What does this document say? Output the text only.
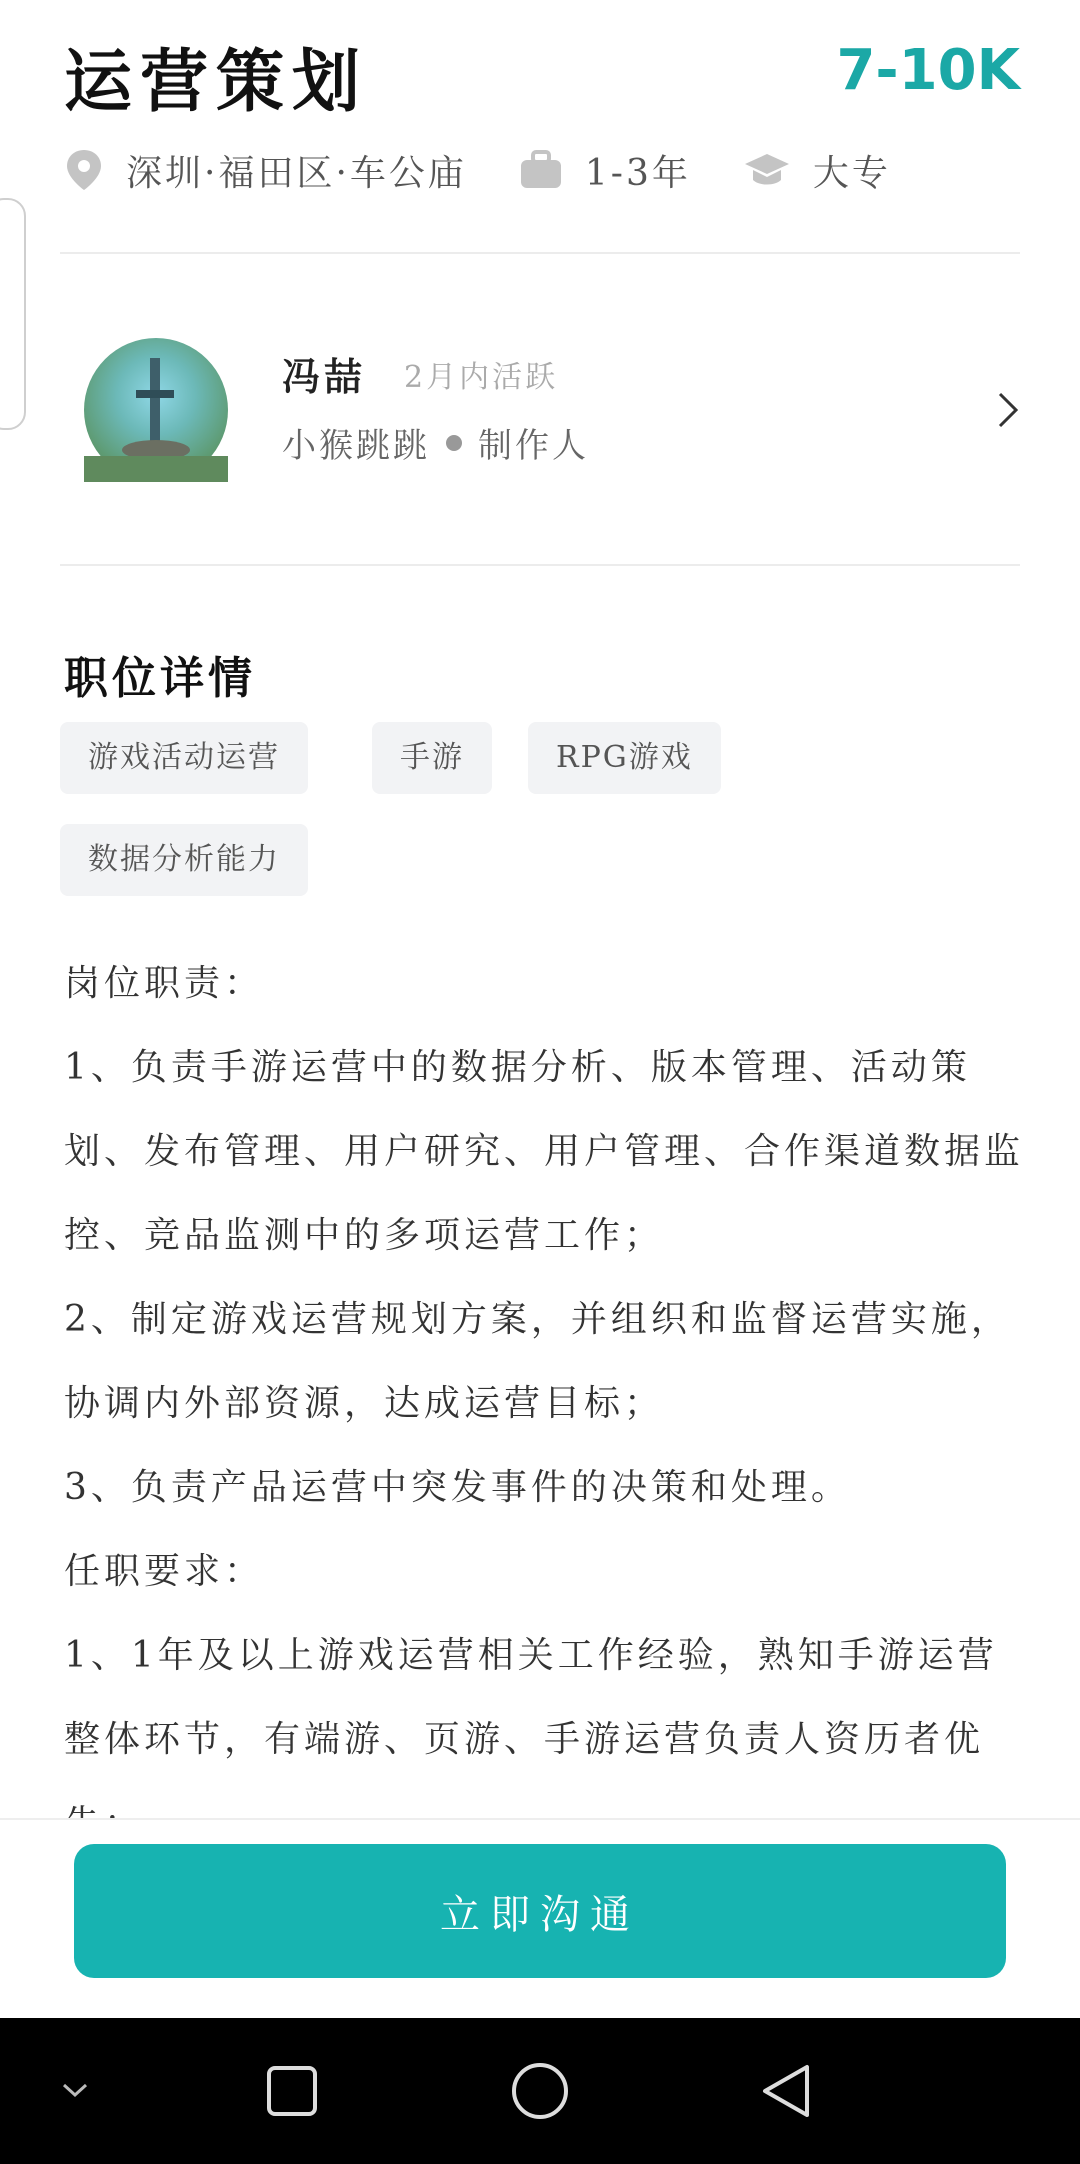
运营策划	7-10K
深圳·福田区·车公庙	1-3年	大专
冯喆 2月内活跃
小猴跳跳 制作人
职位详情
游戏活动运营	手游	RPG游戏
数据分析能力

岗位职责：

1、负责手游运营中的数据分析、版本管理、活动策划、发布管理、用户研究、用户管理、合作渠道数据监控、竞品监测中的多项运营工作；

2、制定游戏运营规划方案，并组织和监督运营实施，协调内外部资源，达成运营目标；

3、负责产品运营中突发事件的决策和处理。

任职要求：

1、1年及以上游戏运营相关工作经验，熟知手游运营整体环节，有端游、页游、手游运营负责人资历者优

立即沟通
